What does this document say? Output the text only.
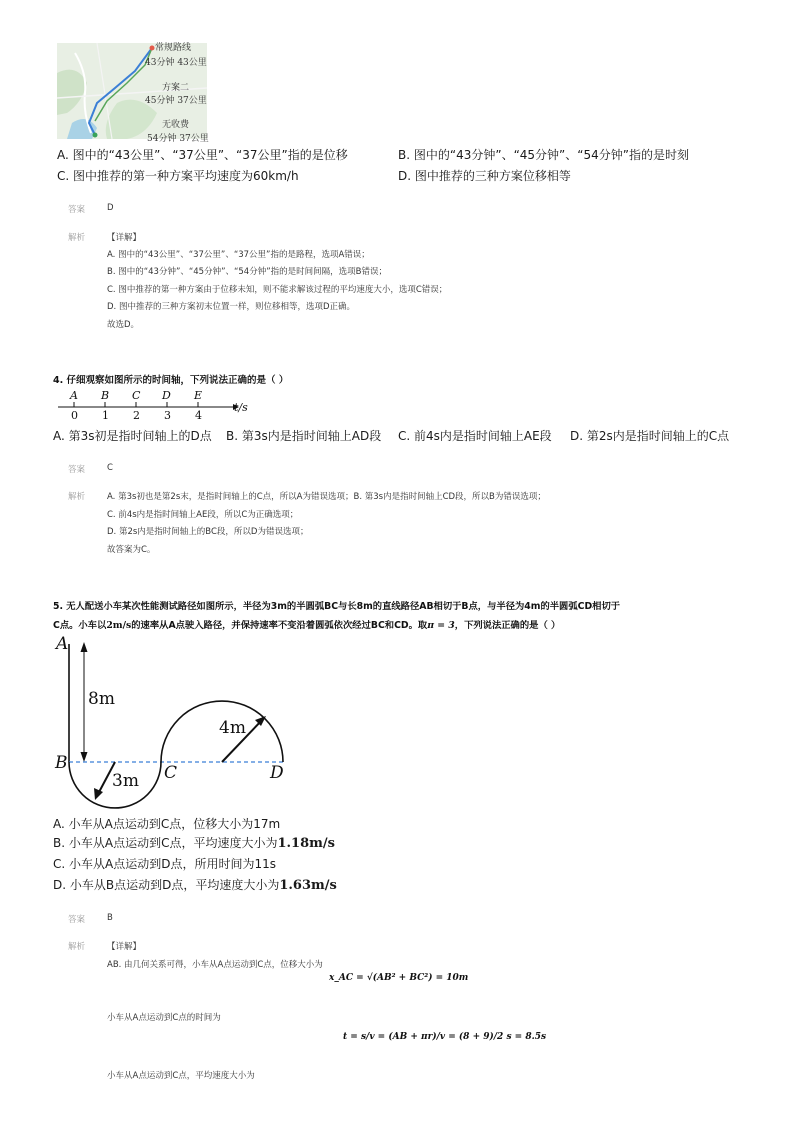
常规路线
43分钟 43公里
方案二
45分钟 37公里
无收费
54分钟 37公里
A. 图中的“43公里”、“37公里”、“37公里”指的是位移	B. 图中的“43分钟”、“45分钟”、“54分钟”指的是时刻
C. 图中推荐的第一种方案平均速度为60km/h	D. 图中推荐的三种方案位移相等
答案	D
解析	【详解】
A. 图中的“43公里”、“37公里”、“37公里”指的是路程，选项A错误；
B. 图中的“43分钟”、“45分钟”、“54分钟”指的是时间间隔，选项B错误；
C. 图中推荐的第一种方案由于位移未知，则不能求解该过程的平均速度大小，选项C错误；
D. 图中推荐的三种方案初末位置一样，则位移相等，选项D正确。
故选D。
4. 仔细观察如图所示的时间轴，下列说法正确的是（ ）
A B C D E
0 1 2 3 4
t/s
A. 第3s初是指时间轴上的D点 B. 第3s内是指时间轴上AD段 C. 前4s内是指时间轴上AE段 D. 第2s内是指时间轴上的C点
答案	C
解析	A. 第3s初也是第2s末，是指时间轴上的C点，所以A为错误选项；B. 第3s内是指时间轴上CD段，所以B为错误选项；
C. 前4s内是指时间轴上AE段，所以C为正确选项；
D. 第2s内是指时间轴上的BC段，所以D为错误选项；
故答案为C。
5. 无人配送小车某次性能测试路径如图所示，半径为3m的半圆弧BC与长8m的直线路径AB相切于B点，与半径为4m的半圆弧CD相切于
C点。小车以2m/s的速率从A点驶入路径，并保持速率不变沿着圆弧依次经过BC和CD。取π = 3，下列说法正确的是（ ）
A
B	C	D
8m
4m
3m
A. 小车从A点运动到C点，位移大小为17m
B. 小车从A点运动到C点，平均速度大小为1.18m/s
C. 小车从A点运动到D点，所用时间为11s
D. 小车从B点运动到D点，平均速度大小为1.63m/s
答案	B
解析	【详解】
AB. 由几何关系可得，小车从A点运动到C点，位移大小为
x_AC = √(AB² + BC²) = 10m
小车从A点运动到C点的时间为
t = s/v = (AB + πr)/v = (8 + 9)/2 s = 8.5s
小车从A点运动到C点，平均速度大小为
